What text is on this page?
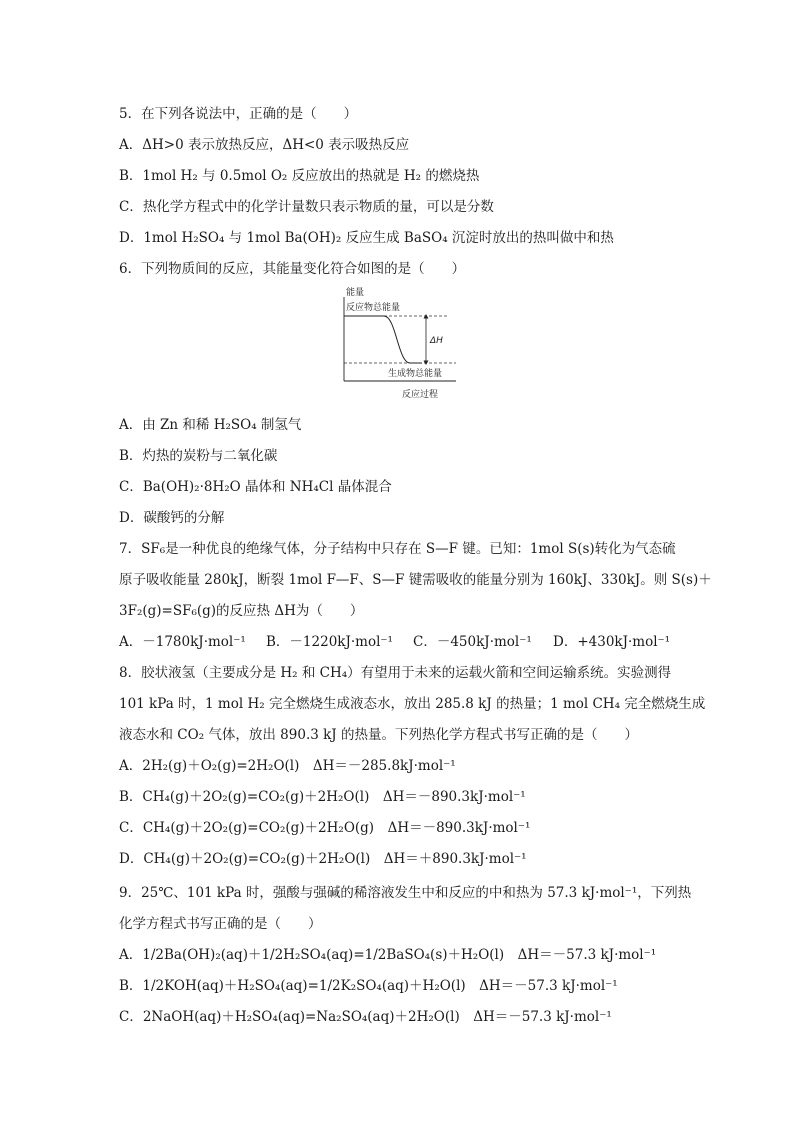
5．在下列各说法中，正确的是（　　）
A．ΔH>0 表示放热反应，ΔH<0 表示吸热反应
B．1mol H₂ 与 0.5mol O₂ 反应放出的热就是 H₂ 的燃烧热
C．热化学方程式中的化学计量数只表示物质的量，可以是分数
D．1mol H₂SO₄ 与 1mol Ba(OH)₂ 反应生成 BaSO₄ 沉淀时放出的热叫做中和热
6．下列物质间的反应，其能量变化符合如图的是（　　）
能量
反应物总能量
ΔH
生成物总能量
反应过程
A．由 Zn 和稀 H₂SO₄ 制氢气
B．灼热的炭粉与二氧化碳
C．Ba(OH)₂·8H₂O 晶体和 NH₄Cl 晶体混合
D．碳酸钙的分解
7．SF₆是一种优良的绝缘气体，分子结构中只存在 S—F 键。已知：1mol S(s)转化为气态硫
原子吸收能量 280kJ，断裂 1mol F—F、S—F 键需吸收的能量分别为 160kJ、330kJ。则 S(s)＋
3F₂(g)=SF₆(g)的反应热 ΔH为（　　）
A．－1780kJ·mol⁻¹ B．－1220kJ·mol⁻¹ C．－450kJ·mol⁻¹ D．+430kJ·mol⁻¹
8．胶状液氢（主要成分是 H₂ 和 CH₄）有望用于未来的运载火箭和空间运输系统。实验测得
101 kPa 时，1 mol H₂ 完全燃烧生成液态水，放出 285.8 kJ 的热量；1 mol CH₄ 完全燃烧生成
液态水和 CO₂ 气体，放出 890.3 kJ 的热量。下列热化学方程式书写正确的是（　　）
A．2H₂(g)＋O₂(g)=2H₂O(l)　ΔH＝－285.8kJ·mol⁻¹
B．CH₄(g)＋2O₂(g)=CO₂(g)＋2H₂O(l)　ΔH＝－890.3kJ·mol⁻¹
C．CH₄(g)＋2O₂(g)=CO₂(g)＋2H₂O(g)　ΔH＝－890.3kJ·mol⁻¹
D．CH₄(g)＋2O₂(g)=CO₂(g)＋2H₂O(l)　ΔH＝＋890.3kJ·mol⁻¹
9．25℃、101 kPa 时，强酸与强碱的稀溶液发生中和反应的中和热为 57.3 kJ·mol⁻¹，下列热
化学方程式书写正确的是（　　）
A．1/2Ba(OH)₂(aq)＋1/2H₂SO₄(aq)=1/2BaSO₄(s)＋H₂O(l)　ΔH＝－57.3 kJ·mol⁻¹
B．1/2KOH(aq)＋H₂SO₄(aq)=1/2K₂SO₄(aq)＋H₂O(l)　ΔH＝－57.3 kJ·mol⁻¹
C．2NaOH(aq)＋H₂SO₄(aq)=Na₂SO₄(aq)＋2H₂O(l)　ΔH＝－57.3 kJ·mol⁻¹
